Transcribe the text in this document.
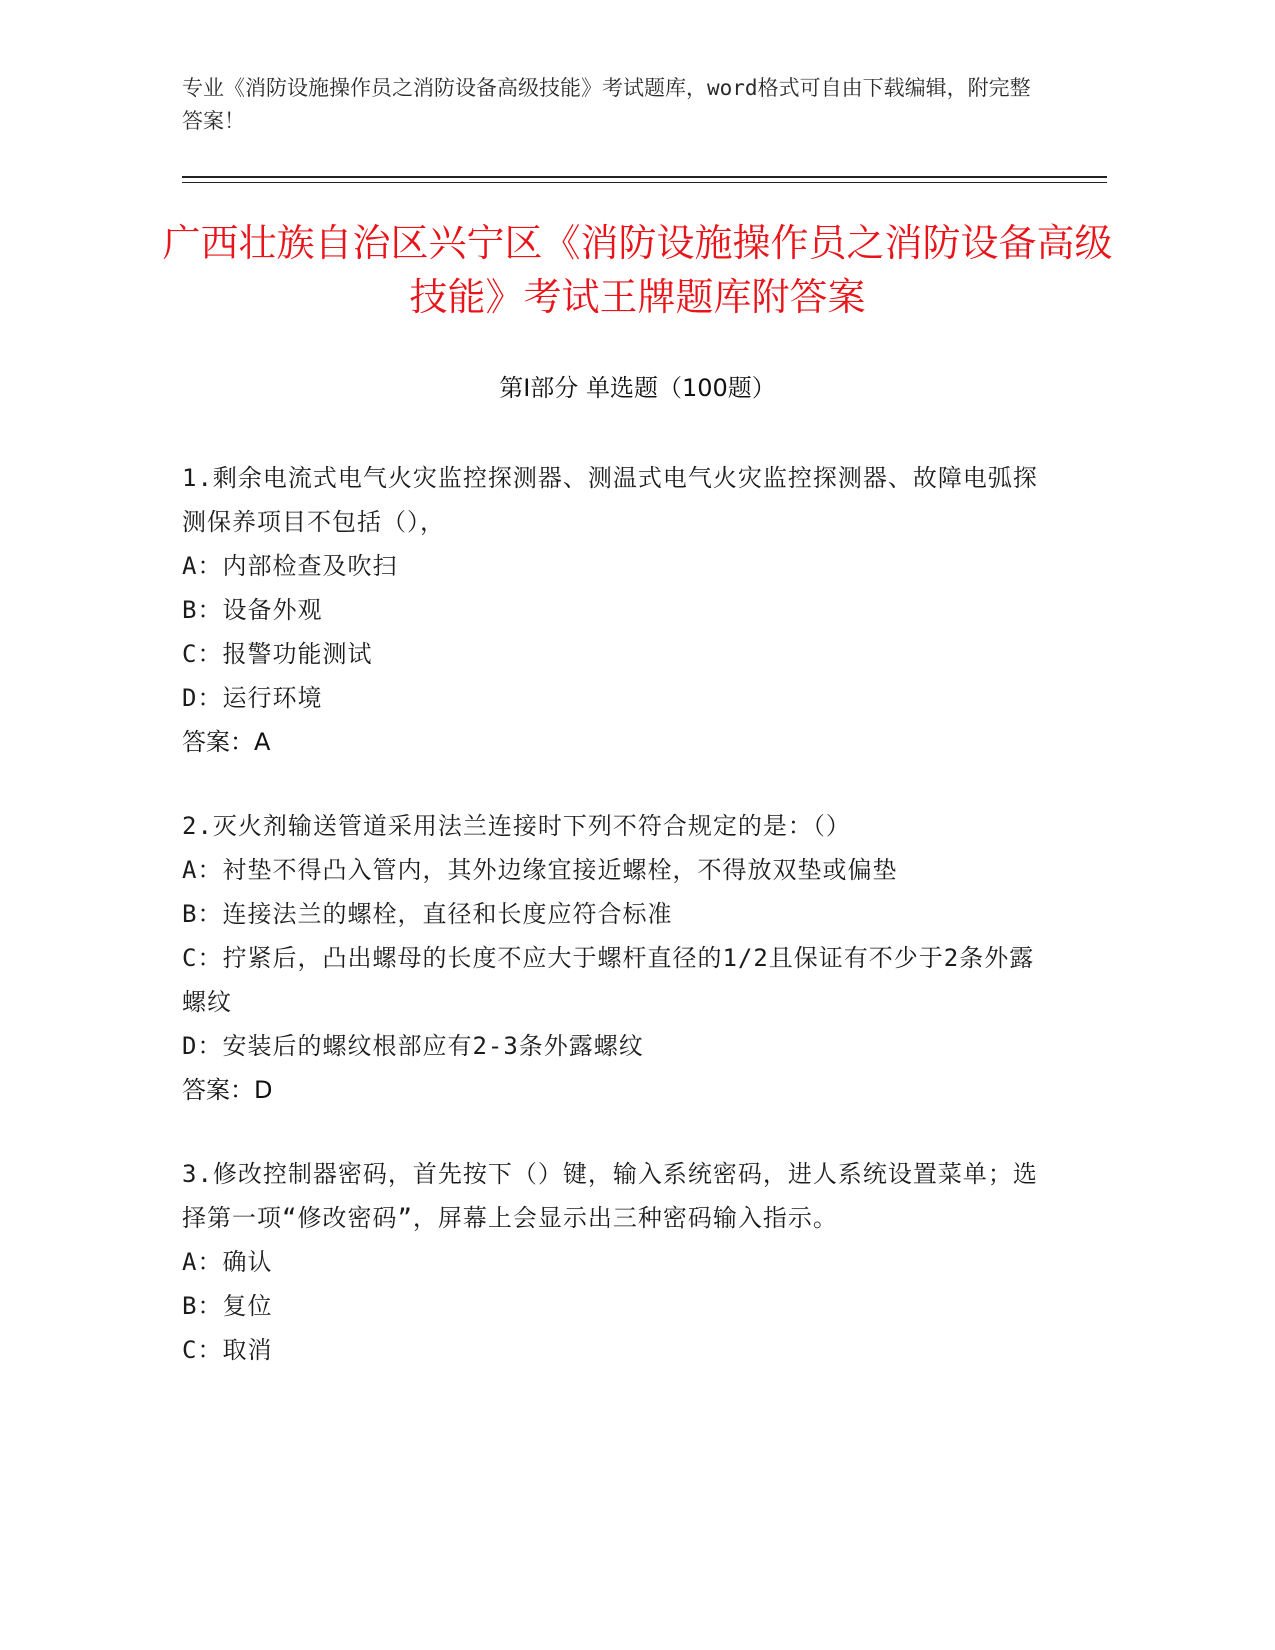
专业《消防设施操作员之消防设备高级技能》考试题库，word格式可自由下载编辑，附完整答案！
广西壮族自治区兴宁区《消防设施操作员之消防设备高级技能》考试王牌题库附答案
第Ⅰ部分 单选题（100题）
1.剩余电流式电气火灾监控探测器、测温式电气火灾监控探测器、故障电弧探测保养项目不包括（），
A：内部检查及吹扫
B：设备外观
C：报警功能测试
D：运行环境
答案：A
2.灭火剂输送管道采用法兰连接时下列不符合规定的是：（）
A：衬垫不得凸入管内，其外边缘宜接近螺栓，不得放双垫或偏垫
B：连接法兰的螺栓，直径和长度应符合标准
C：拧紧后，凸出螺母的长度不应大于螺杆直径的1/2且保证有不少于2条外露螺纹
D：安装后的螺纹根部应有2-3条外露螺纹
答案：D
3.修改控制器密码，首先按下（）键，输入系统密码，进人系统设置菜单；选择第一项“修改密码”，屏幕上会显示出三种密码输入指示。
A：确认
B：复位
C：取消
